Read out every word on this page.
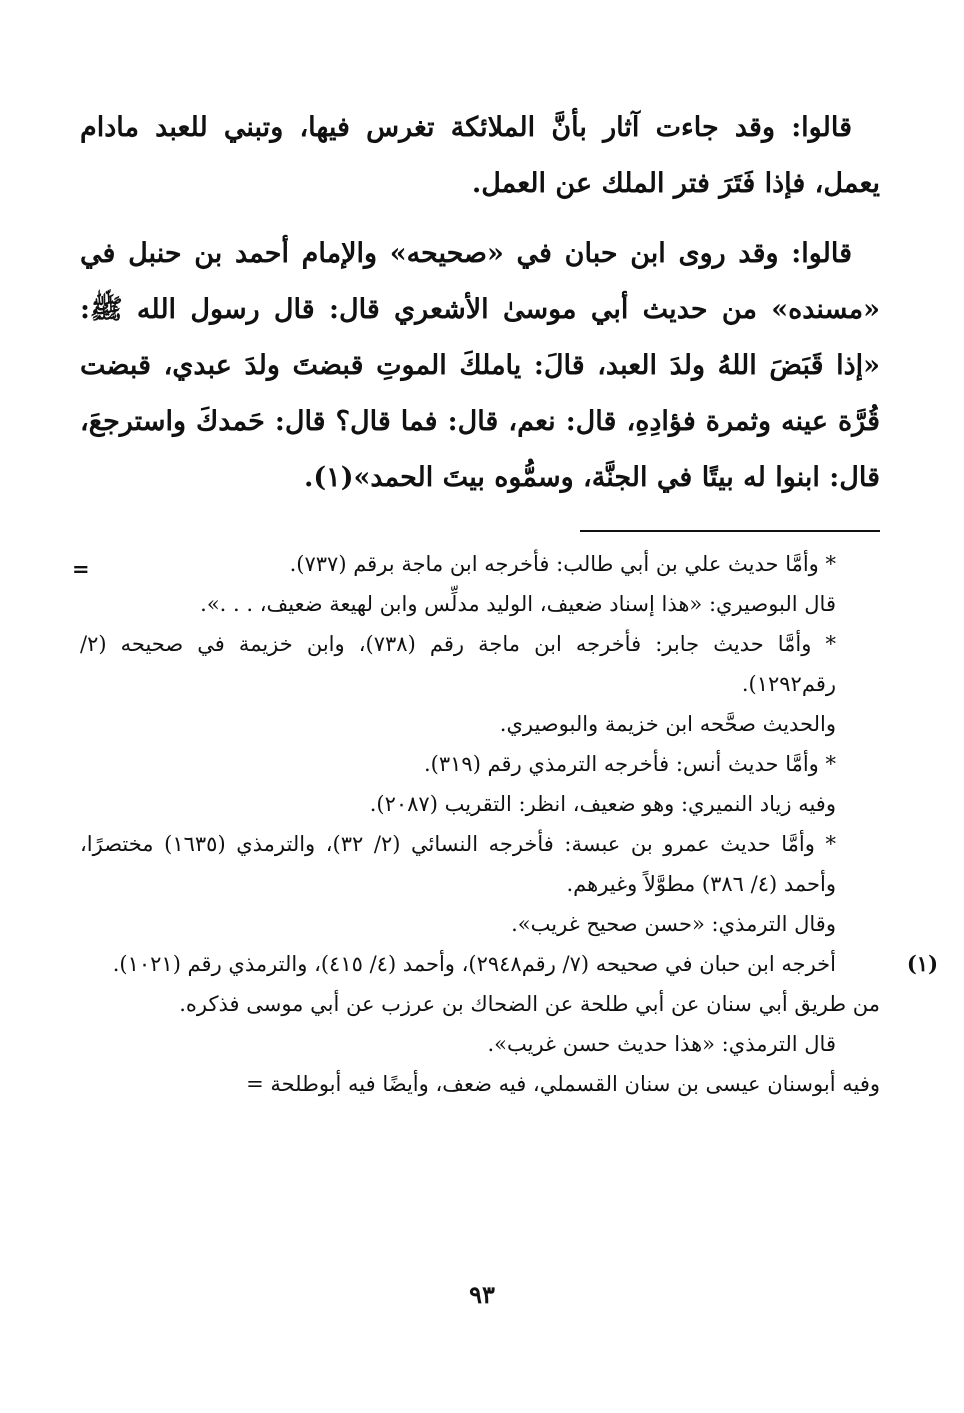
قالوا: وقد جاءت آثار بأنَّ الملائكة تغرس فيها، وتبني للعبد مادام يعمل، فإذا فَتَرَ فتر الملك عن العمل.

قالوا: وقد روى ابن حبان في «صحيحه» والإمام أحمد بن حنبل في «مسنده» من حديث أبي موسىٰ الأشعري قال: قال رسول الله ﷺ: «إذا قَبَضَ اللهُ ولدَ العبد، قالَ: ياملكَ الموتِ قبضتَ ولدَ عبدي، قبضت قُرَّة عينه وثمرة فؤادِهِ، قال: نعم، قال: فما قال؟ قال: حَمدكَ واسترجعَ، قال: ابنوا له بيتًا في الجنَّة، وسمُّوه بيتَ الحمد»(١).

=	* وأمَّا حديث علي بن أبي طالب: فأخرجه ابن ماجة برقم (٧٣٧).
قال البوصيري: «هذا إسناد ضعيف، الوليد مدلِّس وابن لهيعة ضعيف، . . .».
* وأمَّا حديث جابر: فأخرجه ابن ماجة رقم (٧٣٨)، وابن خزيمة في صحيحه (٢/ رقم١٢٩٢).
والحديث صحَّحه ابن خزيمة والبوصيري.
* وأمَّا حديث أنس: فأخرجه الترمذي رقم (٣١٩).
وفيه زياد النميري: وهو ضعيف، انظر: التقريب (٢٠٨٧).
* وأمَّا حديث عمرو بن عبسة: فأخرجه النسائي (٢/ ٣٢)، والترمذي (١٦٣٥) مختصرًا، وأحمد (٤/ ٣٨٦) مطوَّلاً وغيرهم.
وقال الترمذي: «حسن صحيح غريب».
(١)
أخرجه ابن حبان في صحيحه (٧/ رقم٢٩٤٨)، وأحمد (٤/ ٤١٥)، والترمذي رقم (١٠٢١).
من طريق أبي سنان عن أبي طلحة عن الضحاك بن عرزب عن أبي موسى فذكره.
قال الترمذي: «هذا حديث حسن غريب».
وفيه أبوسنان عيسى بن سنان القسملي، فيه ضعف، وأيضًا فيه أبوطلحة =
٩٣
